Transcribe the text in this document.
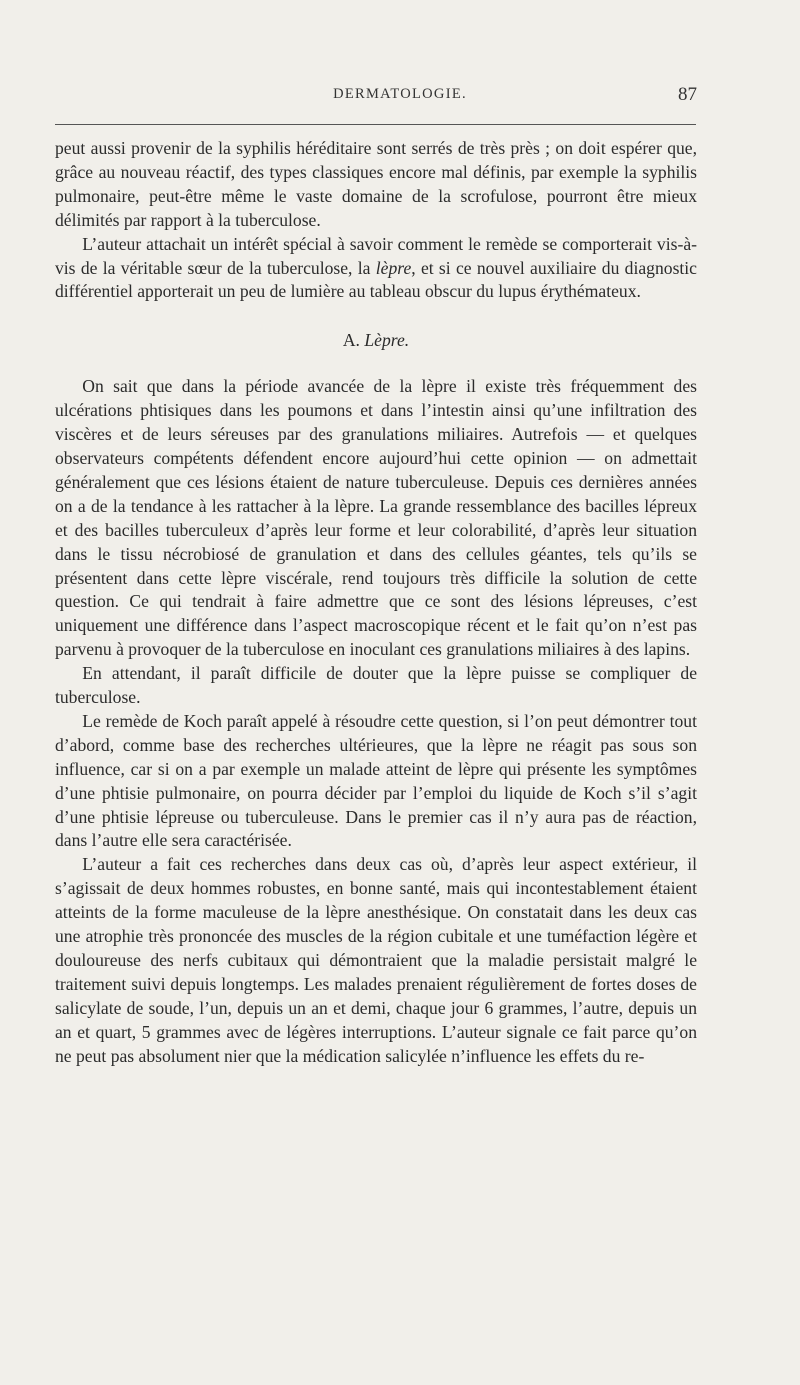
DERMATOLOGIE.	87

peut aussi provenir de la syphilis héréditaire sont serrés de très près ; on doit espérer que, grâce au nouveau réactif, des types classiques encore mal définis, par exemple la syphilis pulmonaire, peut-être même le vaste domaine de la scrofulose, pourront être mieux délimités par rapport à la tuberculose.

L’auteur attachait un intérêt spécial à savoir comment le remède se comporterait vis-à-vis de la véritable sœur de la tuberculose, la lèpre, et si ce nouvel auxiliaire du diagnostic différentiel apporterait un peu de lumière au tableau obscur du lupus érythémateux.

A. Lèpre.

On sait que dans la période avancée de la lèpre il existe très fréquemment des ulcérations phtisiques dans les poumons et dans l’intestin ainsi qu’une infiltration des viscères et de leurs séreuses par des granulations miliaires. Autrefois — et quelques observateurs compétents défendent encore aujourd’hui cette opinion — on admettait généralement que ces lésions étaient de nature tuberculeuse. Depuis ces dernières années on a de la tendance à les rattacher à la lèpre. La grande ressemblance des bacilles lépreux et des bacilles tuberculeux d’après leur forme et leur colorabilité, d’après leur situation dans le tissu nécrobiosé de granulation et dans des cellules géantes, tels qu’ils se présentent dans cette lèpre viscérale, rend toujours très difficile la solution de cette question. Ce qui tendrait à faire admettre que ce sont des lésions lépreuses, c’est uniquement une différence dans l’aspect macroscopique récent et le fait qu’on n’est pas parvenu à provoquer de la tuberculose en inoculant ces granulations miliaires à des lapins.

En attendant, il paraît difficile de douter que la lèpre puisse se compliquer de tuberculose.

Le remède de Koch paraît appelé à résoudre cette question, si l’on peut démontrer tout d’abord, comme base des recherches ultérieures, que la lèpre ne réagit pas sous son influence, car si on a par exemple un malade atteint de lèpre qui présente les symptômes d’une phtisie pulmonaire, on pourra décider par l’emploi du liquide de Koch s’il s’agit d’une phtisie lépreuse ou tuberculeuse. Dans le premier cas il n’y aura pas de réaction, dans l’autre elle sera caractérisée.

L’auteur a fait ces recherches dans deux cas où, d’après leur aspect extérieur, il s’agissait de deux hommes robustes, en bonne santé, mais qui incontestablement étaient atteints de la forme maculeuse de la lèpre anesthésique. On constatait dans les deux cas une atrophie très prononcée des muscles de la région cubitale et une tuméfaction légère et douloureuse des nerfs cubitaux qui démontraient que la maladie persistait malgré le traitement suivi depuis longtemps. Les malades prenaient régulièrement de fortes doses de salicylate de soude, l’un, depuis un an et demi, chaque jour 6 grammes, l’autre, depuis un an et quart, 5 grammes avec de légères interruptions. L’auteur signale ce fait parce qu’on ne peut pas absolument nier que la médication salicylée n’influence les effets du re-
